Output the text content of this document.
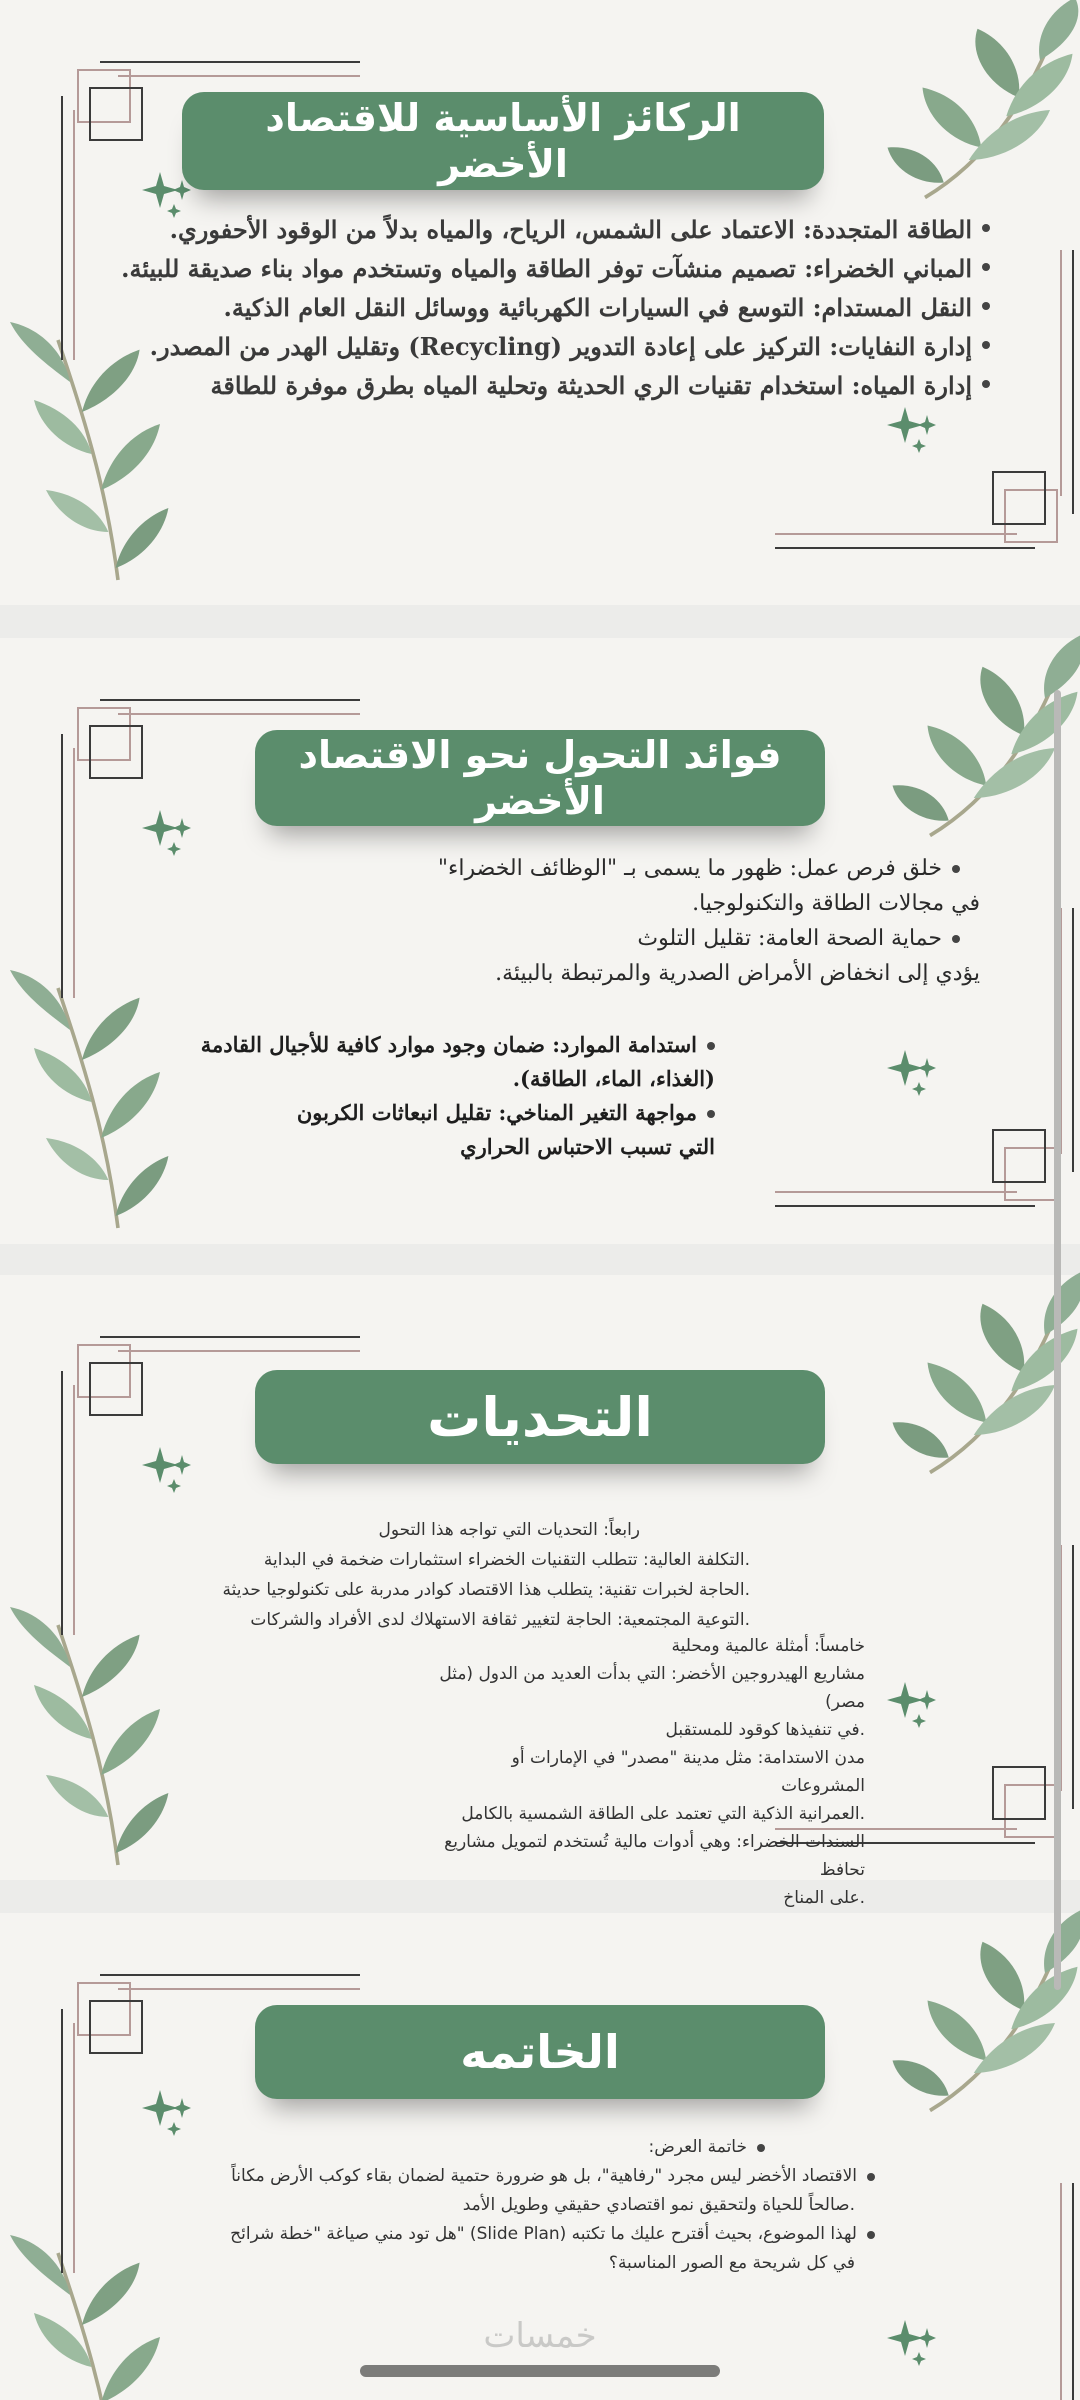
الركائز الأساسية للاقتصاد
الأخضر
الطاقة المتجددة: الاعتماد على الشمس، الرياح، والمياه بدلاً من الوقود الأحفوري.
المباني الخضراء: تصميم منشآت توفر الطاقة والمياه وتستخدم مواد بناء صديقة للبيئة.
النقل المستدام: التوسع في السيارات الكهربائية ووسائل النقل العام الذكية.
إدارة النفايات: التركيز على إعادة التدوير (Recycling) وتقليل الهدر من المصدر.
إدارة المياه: استخدام تقنيات الري الحديثة وتحلية المياه بطرق موفرة للطاقة
فوائد التحول نحو الاقتصاد
الأخضر
خلق فرص عمل: ظهور ما يسمى بـ "الوظائف الخضراء"
في مجالات الطاقة والتكنولوجيا.
حماية الصحة العامة: تقليل التلوث
يؤدي إلى انخفاض الأمراض الصدرية والمرتبطة بالبيئة.
استدامة الموارد: ضمان وجود موارد كافية للأجيال القادمة
(الغذاء، الماء، الطاقة).
مواجهة التغير المناخي: تقليل انبعاثات الكربون
التي تسبب الاحتباس الحراري
التحديات
رابعاً: التحديات التي تواجه هذا التحول
.التكلفة العالية: تتطلب التقنيات الخضراء استثمارات ضخمة في البداية
.الحاجة لخبرات تقنية: يتطلب هذا الاقتصاد كوادر مدربة على تكنولوجيا حديثة
.التوعية المجتمعية: الحاجة لتغيير ثقافة الاستهلاك لدى الأفراد والشركات
خامساً: أمثلة عالمية ومحلية
مشاريع الهيدروجين الأخضر: التي بدأت العديد من الدول (مثل مصر)
.في تنفيذها كوقود للمستقبل
مدن الاستدامة: مثل مدينة "مصدر" في الإمارات أو المشروعات
.العمرانية الذكية التي تعتمد على الطاقة الشمسية بالكامل
السندات الخضراء: وهي أدوات مالية تُستخدم لتمويل مشاريع تحافظ
.على المناخ
الخاتمه
خاتمة العرض:
الاقتصاد الأخضر ليس مجرد "رفاهية"، بل هو ضرورة حتمية لضمان بقاء كوكب الأرض مكاناً
.صالحاً للحياة ولتحقيق نمو اقتصادي حقيقي وطويل الأمد
لهذا الموضوع، بحيث أقترح عليك ما تكتبه (Slide Plan) "هل تود مني صياغة "خطة شرائح
في كل شريحة مع الصور المناسبة؟
خمسات
